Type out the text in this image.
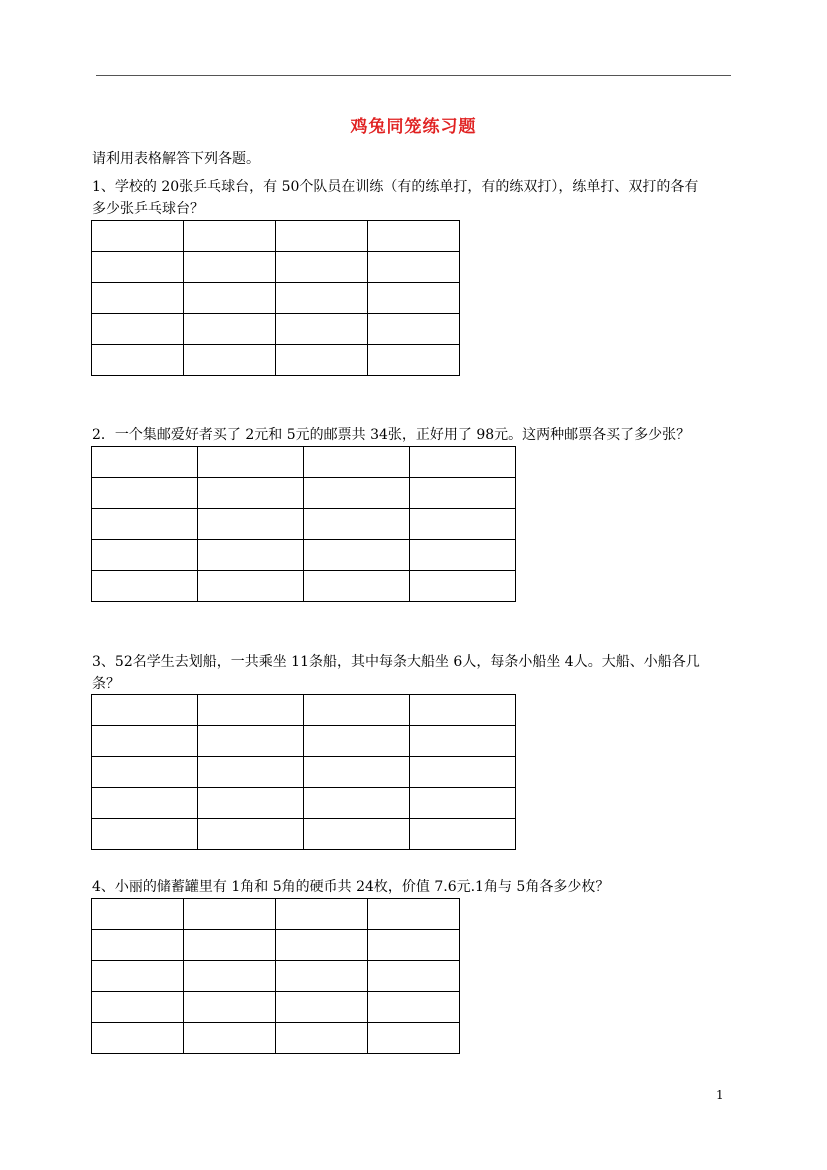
鸡兔同笼练习题
请利用表格解答下列各题。
1、学校的 20张乒乓球台，有 50个队员在训练（有的练单打，有的练双打），练单打、双打的各有
多少张乒乓球台？

2．一个集邮爱好者买了 2元和 5元的邮票共 34张，正好用了 98元。这两种邮票各买了多少张？

3、52名学生去划船，一共乘坐 11条船，其中每条大船坐 6人，每条小船坐 4人。大船、小船各几
条？

4、小丽的储蓄罐里有 1角和 5角的硬币共 24枚，价值 7.6元.1角与 5角各多少枚？

1
